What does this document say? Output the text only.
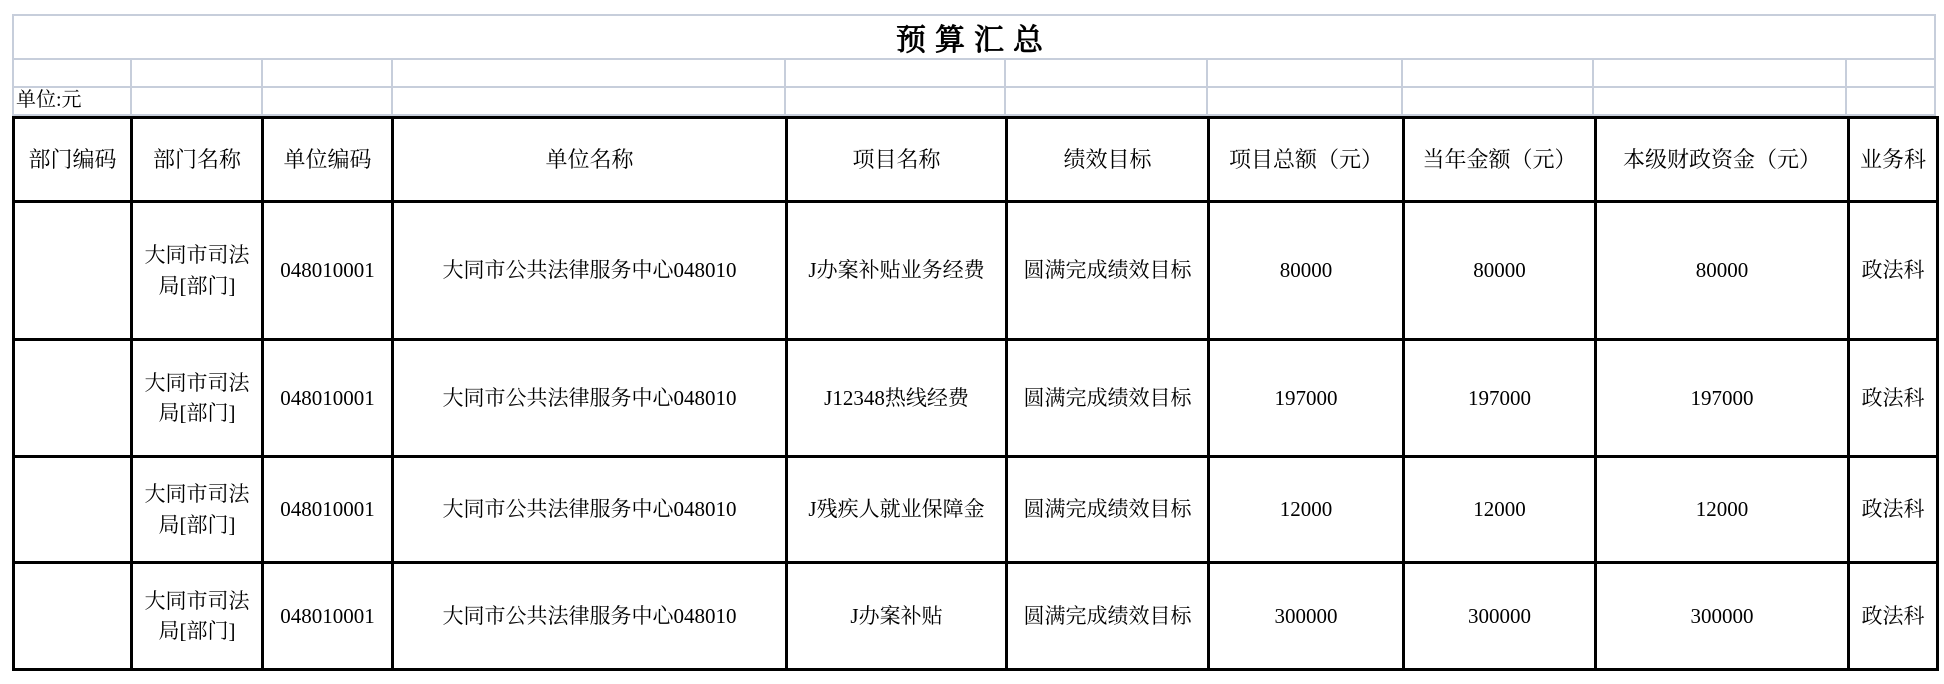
预算汇总
单位:元
部门编码	部门名称	单位编码	单位名称	项目名称	绩效目标	项目总额（元）	当年金额（元）	本级财政资金（元）	业务科
	大同市司法局[部门]	048010001	大同市公共法律服务中心048010	J办案补贴业务经费	圆满完成绩效目标	80000	80000	80000	政法科
	大同市司法局[部门]	048010001	大同市公共法律服务中心048010	J12348热线经费	圆满完成绩效目标	197000	197000	197000	政法科
	大同市司法局[部门]	048010001	大同市公共法律服务中心048010	J残疾人就业保障金	圆满完成绩效目标	12000	12000	12000	政法科
	大同市司法局[部门]	048010001	大同市公共法律服务中心048010	J办案补贴	圆满完成绩效目标	300000	300000	300000	政法科
